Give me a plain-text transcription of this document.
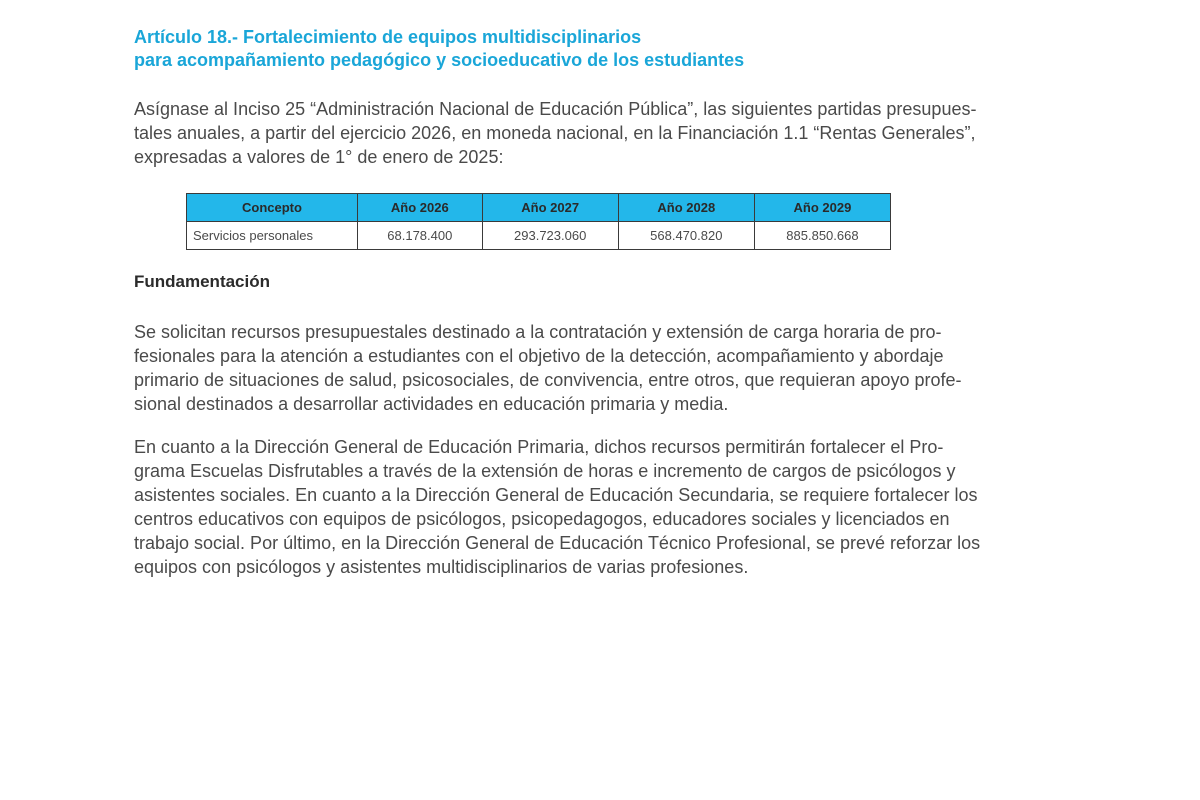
Artículo 18.- Fortalecimiento de equipos multidisciplinarios
para acompañamiento pedagógico y socioeducativo de los estudiantes

Asígnase al Inciso 25 “Administración Nacional de Educación Pública”, las siguientes partidas presupues-
tales anuales, a partir del ejercicio 2026, en moneda nacional, en la Financiación 1.1 “Rentas Generales”,
expresadas a valores de 1° de enero de 2025:

Concepto	Año 2026	Año 2027	Año 2028	Año 2029
Servicios personales	68.178.400	293.723.060	568.470.820	885.850.668
Fundamentación

Se solicitan recursos presupuestales destinado a la contratación y extensión de carga horaria de pro-
fesionales para la atención a estudiantes con el objetivo de la detección, acompañamiento y abordaje
primario de situaciones de salud, psicosociales, de convivencia, entre otros, que requieran apoyo profe-
sional destinados a desarrollar actividades en educación primaria y media.

En cuanto a la Dirección General de Educación Primaria, dichos recursos permitirán fortalecer el Pro-
grama Escuelas Disfrutables a través de la extensión de horas e incremento de cargos de psicólogos y
asistentes sociales. En cuanto a la Dirección General de Educación Secundaria, se requiere fortalecer los
centros educativos con equipos de psicólogos, psicopedagogos, educadores sociales y licenciados en
trabajo social. Por último, en la Dirección General de Educación Técnico Profesional, se prevé reforzar los
equipos con psicólogos y asistentes multidisciplinarios de varias profesiones.
